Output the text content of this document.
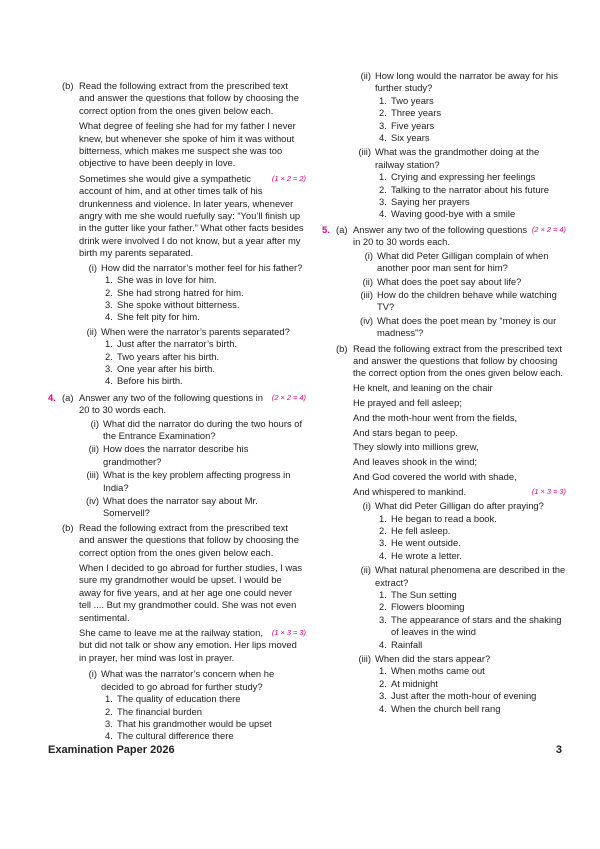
(b) Read the following extract from the prescribed text and answer the questions that follow by choosing the correct option from the ones given below each.

What degree of feeling she had for my father I never knew, but whenever she spoke of him it was without bitterness, which makes me suspect she was too objective to have been deeply in love.

(1 × 2 = 2)
Sometimes she would give a sympathetic account of him, and at other times talk of his drunkenness and violence. In later years, whenever angry with me she would ruefully say: “You’ll finish up in the gutter like your father.” What other facts besides drink were involved I do not know, but a year after my birth my parents separated.

(i) How did the narrator’s mother feel for his father?
1. She was in love for him.
2. She had strong hatred for him.
3. She spoke without bitterness.
4. She felt pity for him.
(ii) When were the narrator’s parents separated?
1. Just after the narrator’s birth.
2. Two years after his birth.
3. One year after his birth.
4. Before his birth.
4. (a)	(2 × 2 = 4)
Answer any two of the following questions in 20 to 30 words each.

(i) What did the narrator do during the two hours of the Entrance Examination?
(ii) How does the narrator describe his grandmother?
(iii) What is the key problem affecting progress in India?
(iv) What does the narrator say about Mr. Somervell?
(b) Read the following extract from the prescribed text and answer the questions that follow by choosing the correct option from the ones given below each.

When I decided to go abroad for further studies, I was sure my grandmother would be upset. I would be away for five years, and at her age one could never tell .... But my grandmother could. She was not even sentimental.

(1 × 3 = 3)
She came to leave me at the railway station, but did not talk or show any emotion. Her lips moved in prayer, her mind was lost in prayer.

(i) What was the narrator’s concern when he decided to go abroad for further study?
1. The quality of education there
2. The financial burden
3. That his grandmother would be upset
4. The cultural difference there
(ii) How long would the narrator be away for his further study?
1. Two years
2. Three years
3. Five years
4. Six years
(iii) What was the grandmother doing at the railway station?
1. Crying and expressing her feelings
2. Talking to the narrator about his future
3. Saying her prayers
4. Waving good-bye with a smile
5. (a)	(2 × 2 = 4)
Answer any two of the following questions in 20 to 30 words each.

(i) What did Peter Gilligan complain of when another poor man sent for him?
(ii) What does the poet say about life?
(iii) How do the children behave while watching TV?
(iv) What does the poet mean by “money is our madness”?
(b) Read the following extract from the prescribed text and answer the questions that follow by choosing the correct option from the ones given below each.

He knelt, and leaning on the chair

He prayed and fell asleep;

And the moth-hour went from the fields,

And stars began to peep.

They slowly into millions grew,

And leaves shook in the wind;

And God covered the world with shade,

(1 × 3 = 3)
And whispered to mankind.

(i) What did Peter Gilligan do after praying?
1. He began to read a book.
2. He fell asleep.
3. He went outside.
4. He wrote a letter.
(ii) What natural phenomena are described in the extract?
1. The Sun setting
2. Flowers blooming
3. The appearance of stars and the shaking of leaves in the wind
4. Rainfall
(iii) When did the stars appear?
1. When moths came out
2. At midnight
3. Just after the moth-hour of evening
4. When the church bell rang
Examination Paper 2026	3
